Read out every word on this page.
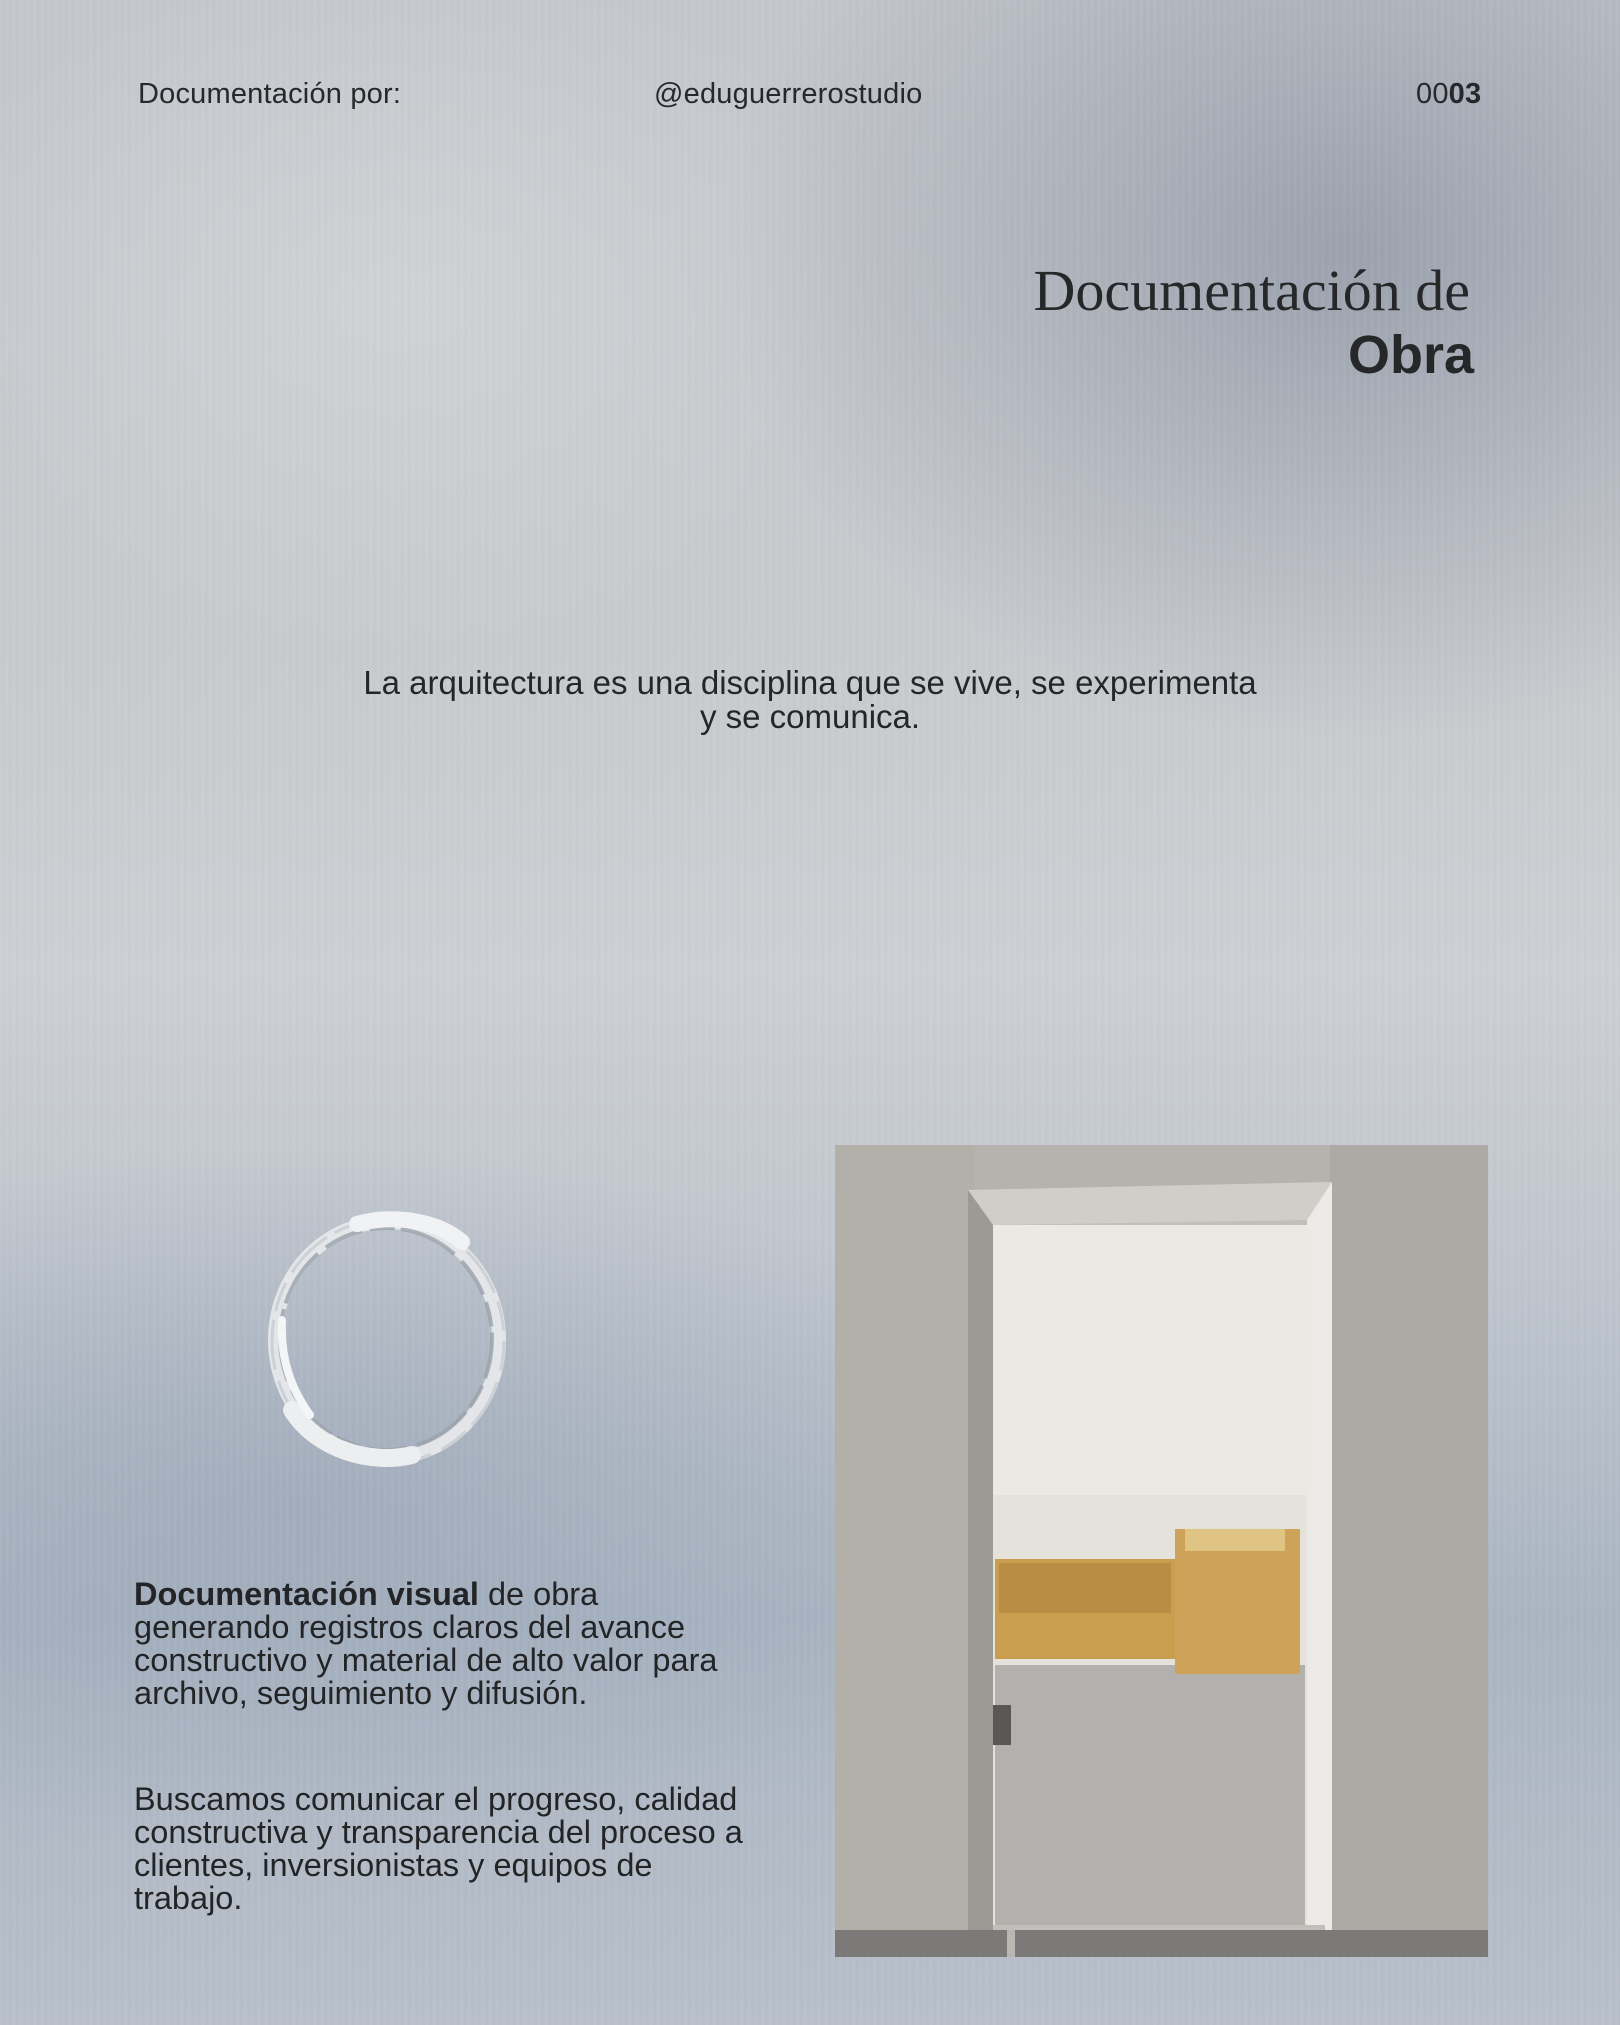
Documentación por:	@eduguerrerostudio	0003
Documentación de
Obra
La arquitectura es una disciplina que se vive, se experimenta
y se comunica.
Documentación visual de obra generando registros claros del avance constructivo y material de alto valor para archivo, seguimiento y difusión.
Buscamos comunicar el progreso, calidad constructiva y transparencia del proceso a clientes, inversionistas y equipos de trabajo.
